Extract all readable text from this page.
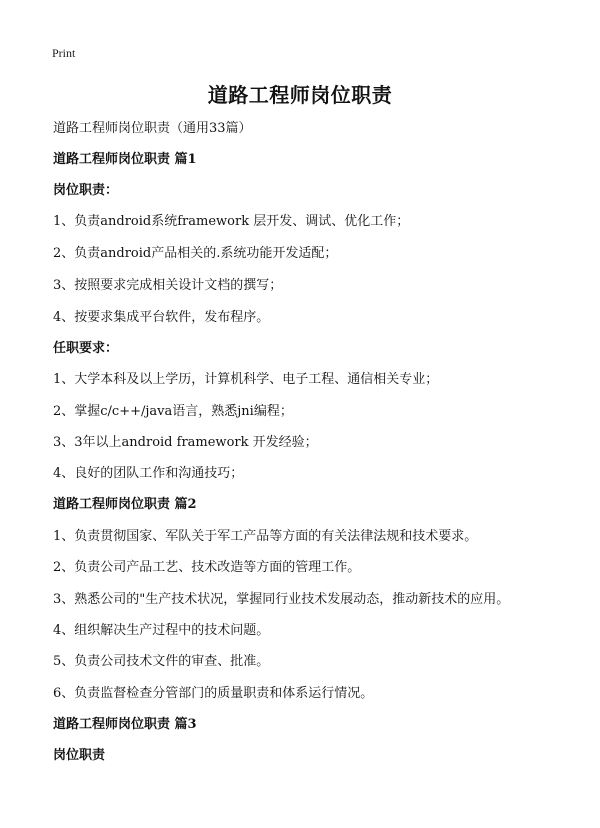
Print
道路工程师岗位职责
道路工程师岗位职责（通用33篇）
道路工程师岗位职责 篇1
岗位职责：
1、负责android系统framework 层开发、调试、优化工作；
2、负责android产品相关的.系统功能开发适配；
3、按照要求完成相关设计文档的撰写；
4、按要求集成平台软件，发布程序。
任职要求：
1、大学本科及以上学历，计算机科学、电子工程、通信相关专业；
2、掌握c/c++/java语言，熟悉jni编程；
3、3年以上android framework 开发经验；
4、良好的团队工作和沟通技巧；
道路工程师岗位职责 篇2
1、负责贯彻国家、军队关于军工产品等方面的有关法律法规和技术要求。
2、负责公司产品工艺、技术改造等方面的管理工作。
3、熟悉公司的"生产技术状况，掌握同行业技术发展动态，推动新技术的应用。
4、组织解决生产过程中的技术问题。
5、负责公司技术文件的审查、批准。
6、负责监督检查分管部门的质量职责和体系运行情况。
道路工程师岗位职责 篇3
岗位职责
